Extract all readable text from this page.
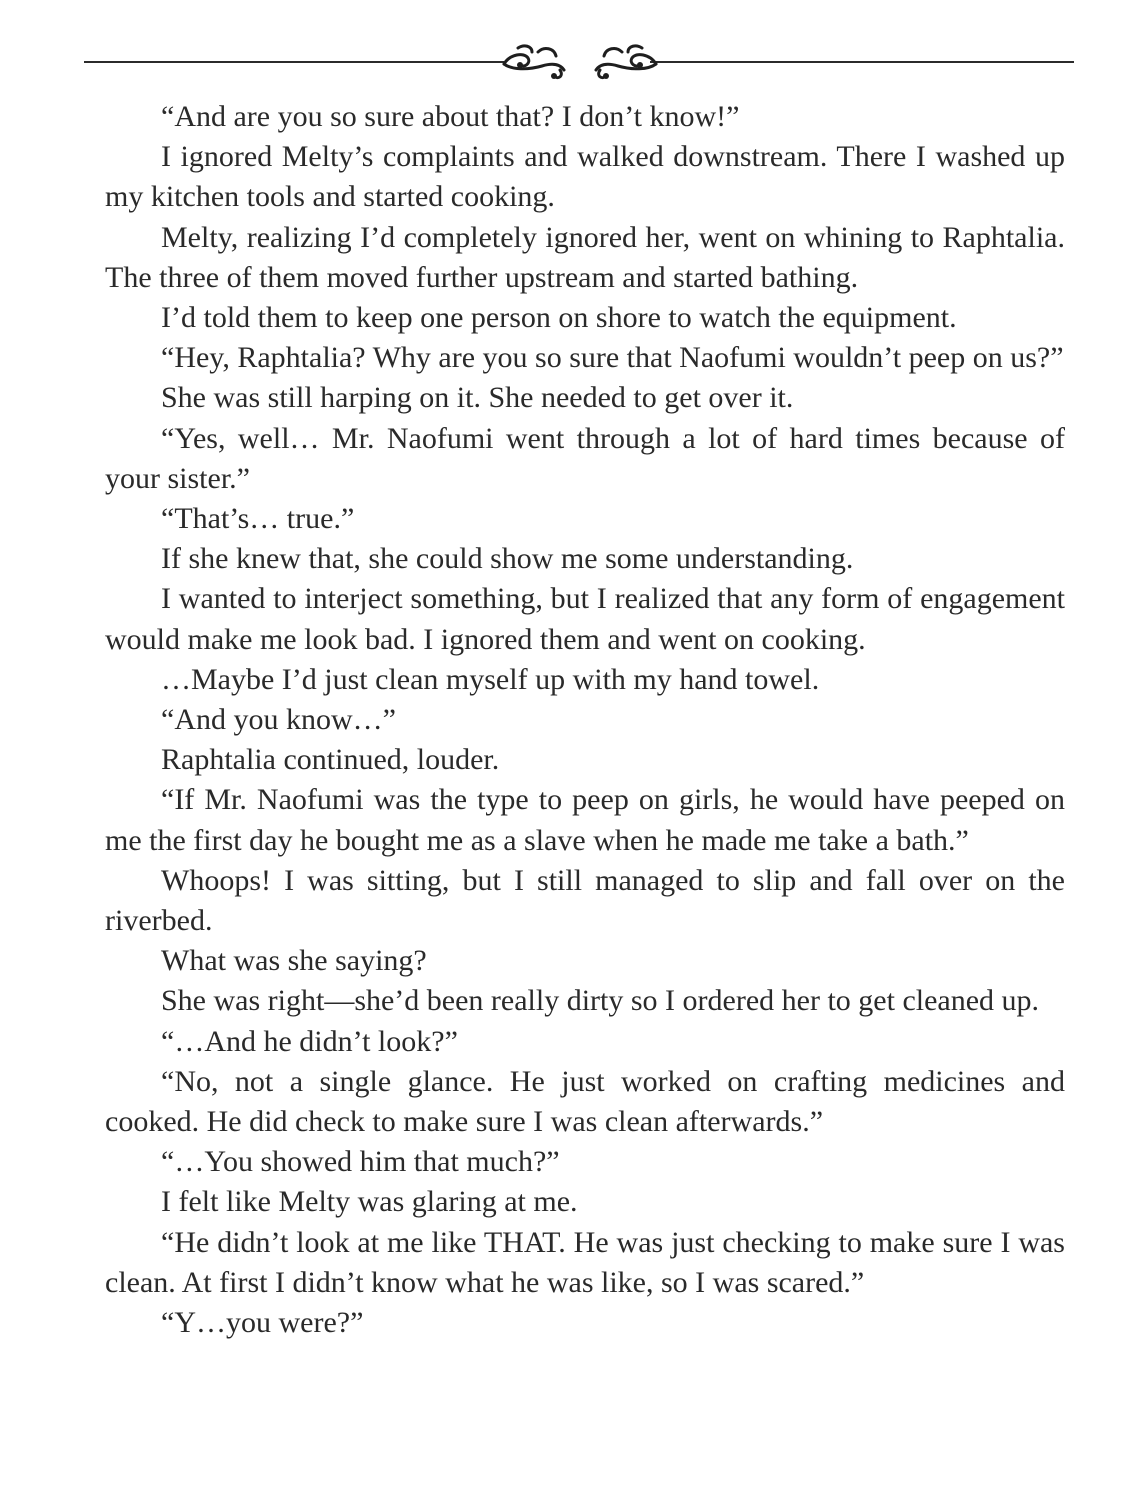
“And are you so sure about that? I don’t know!”

I ignored Melty’s complaints and walked downstream. There I washed up my kitchen tools and started cooking.

Melty, realizing I’d completely ignored her, went on whining to Raphtalia. The three of them moved further upstream and started bathing.

I’d told them to keep one person on shore to watch the equipment.

“Hey, Raphtalia? Why are you so sure that Naofumi wouldn’t peep on us?”

She was still harping on it. She needed to get over it.

“Yes, well… Mr. Naofumi went through a lot of hard times because of your sister.”

“That’s… true.”

If she knew that, she could show me some understanding.

I wanted to interject something, but I realized that any form of engagement would make me look bad. I ignored them and went on cooking.

…Maybe I’d just clean myself up with my hand towel.

“And you know…”

Raphtalia continued, louder.

“If Mr. Naofumi was the type to peep on girls, he would have peeped on me the first day he bought me as a slave when he made me take a bath.”

Whoops! I was sitting, but I still managed to slip and fall over on the riverbed.

What was she saying?

She was right—she’d been really dirty so I ordered her to get cleaned up.

“…And he didn’t look?”

“No, not a single glance. He just worked on crafting medicines and cooked. He did check to make sure I was clean afterwards.”

“…You showed him that much?”

I felt like Melty was glaring at me.

“He didn’t look at me like THAT. He was just checking to make sure I was clean. At first I didn’t know what he was like, so I was scared.”

“Y…you were?”
